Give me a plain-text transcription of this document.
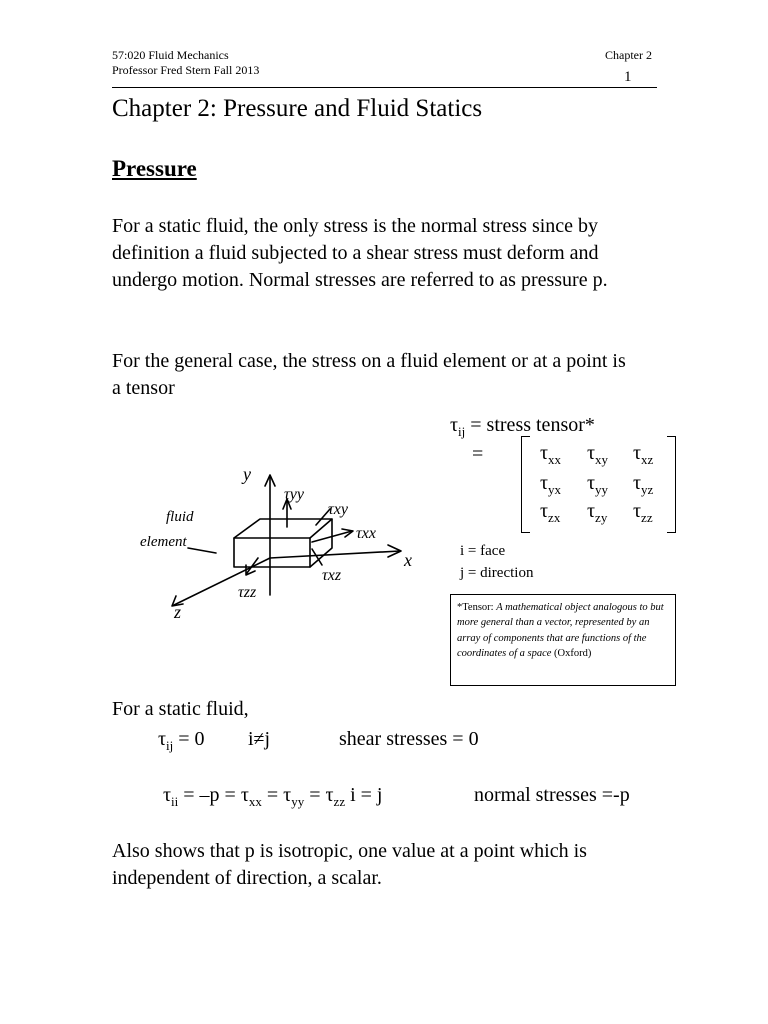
57:020 Fluid Mechanics
Professor Fred Stern Fall 2013
Chapter 2
1
Chapter 2: Pressure and Fluid Statics
Pressure
For a static fluid, the only stress is the normal stress since by definition a fluid subjected to a shear stress must deform and undergo motion. Normal stresses are referred to as pressure p.
For the general case, the stress on a fluid element or at a point is a tensor
$\tau_{ij}$ = stress tensor*
=	$\tau_{xx}$ $\tau_{xy}$ $\tau_{xz}$
$\tau_{yx}$ $\tau_{yy}$ $\tau_{yz}$
$\tau_{zx}$ $\tau_{zy}$ $\tau_{zz}$
i = face
j = direction
*Tensor: A mathematical object analogous to but more general than a vector, represented by an array of components that are functions of the coordinates of a space (Oxford)
y
x
z
fluid
element
τyy
τxy
τxx
τxz
τzz
For a static fluid,
$\tau_{ij} = 0$ i≠j	shear stresses = 0
$\tau_{ii} = -p = \tau_{xx} = \tau_{yy} = \tau_{zz}$ i = j	normal stresses =-p
Also shows that p is isotropic, one value at a point which is independent of direction, a scalar.
